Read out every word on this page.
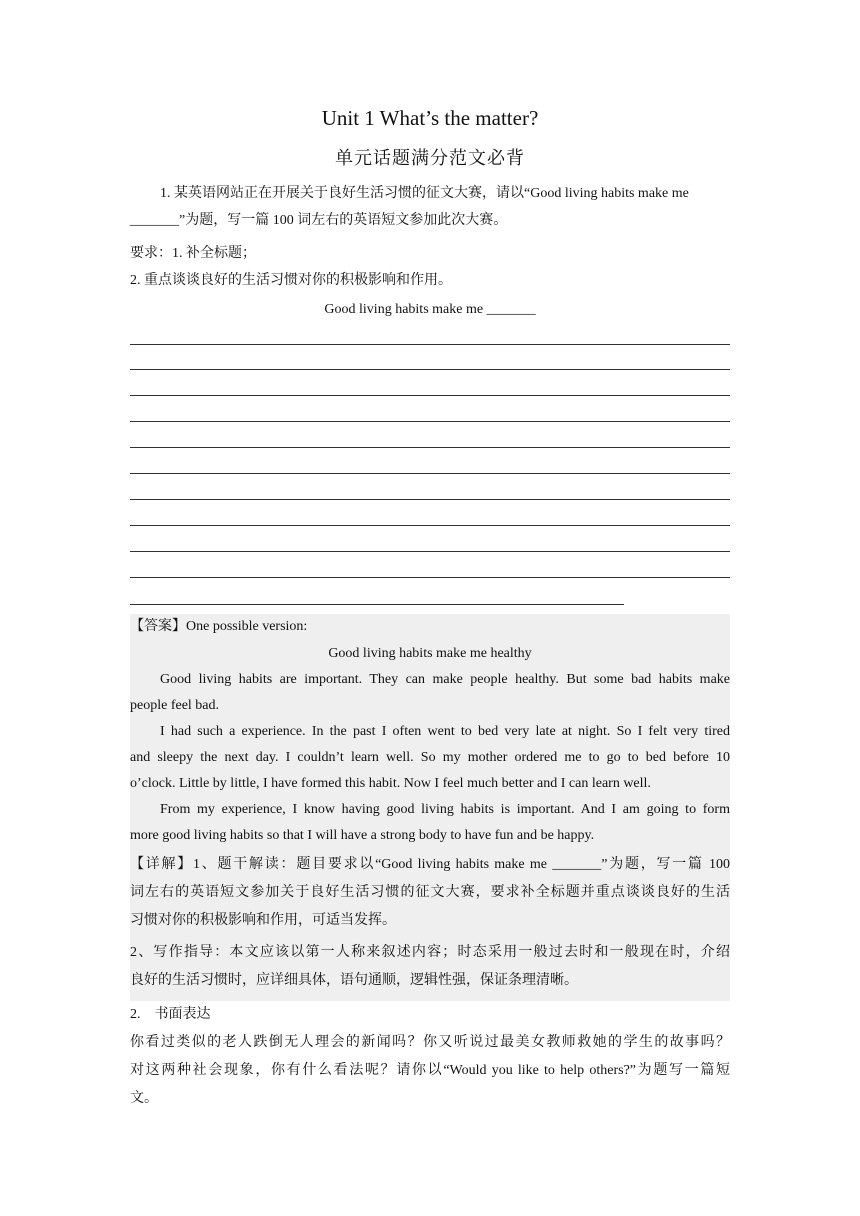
Unit 1 What’s the matter?
单元话题满分范文必背
1. 某英语网站正在开展关于良好生活习惯的征文大赛，请以“Good living habits make me
_______”为题，写一篇 100 词左右的英语短文参加此次大赛。
要求：1. 补全标题；
2. 重点谈谈良好的生活习惯对你的积极影响和作用。
Good living habits make me _______
【答案】One possible version:
Good living habits make me healthy
Good living habits are important. They can make people healthy. But some bad habits make
people feel bad.
I had such a experience. In the past I often went to bed very late at night. So I felt very tired
and sleepy the next day. I couldn’t learn well. So my mother ordered me to go to bed before 10
o’clock. Little by little, I have formed this habit. Now I feel much better and I can learn well.
From my experience, I know having good living habits is important. And I am going to form
more good living habits so that I will have a strong body to have fun and be happy.
【详解】1、题干解读：题目要求以“Good living habits make me _______”为题，写一篇 100
词左右的英语短文参加关于良好生活习惯的征文大赛，要求补全标题并重点谈谈良好的生活
习惯对你的积极影响和作用，可适当发挥。
2、写作指导：本文应该以第一人称来叙述内容；时态采用一般过去时和一般现在时，介绍
良好的生活习惯时，应详细具体，语句通顺，逻辑性强，保证条理清晰。
2.　书面表达
你看过类似的老人跌倒无人理会的新闻吗？你又听说过最美女教师救她的学生的故事吗？
对这两种社会现象，你有什么看法呢？请你以“Would you like to help others?”为题写一篇短
文。
